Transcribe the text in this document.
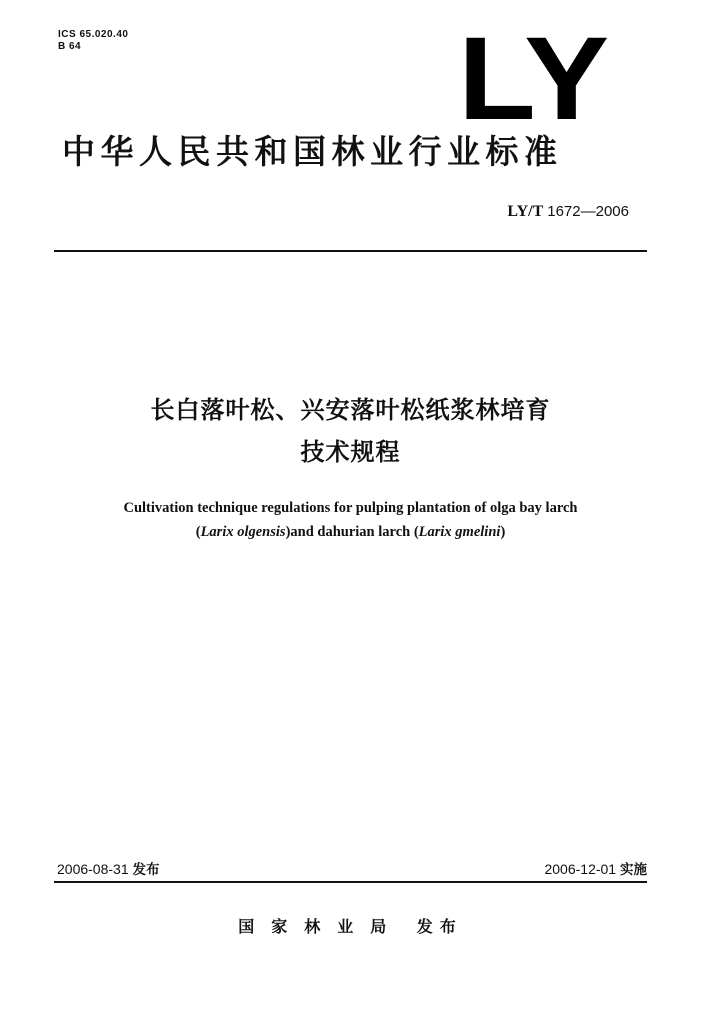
ICS 65.020.40
B 64	LY
中华人民共和国林业行业标准
LY/T 1672—2006
长白落叶松、兴安落叶松纸浆林培育
技术规程
Cultivation technique regulations for pulping plantation of olga bay larch
(Larix olgensis)and dahurian larch (Larix gmelini)
2006-08-31 发布	2006-12-01 实施
国家林业局 发布
